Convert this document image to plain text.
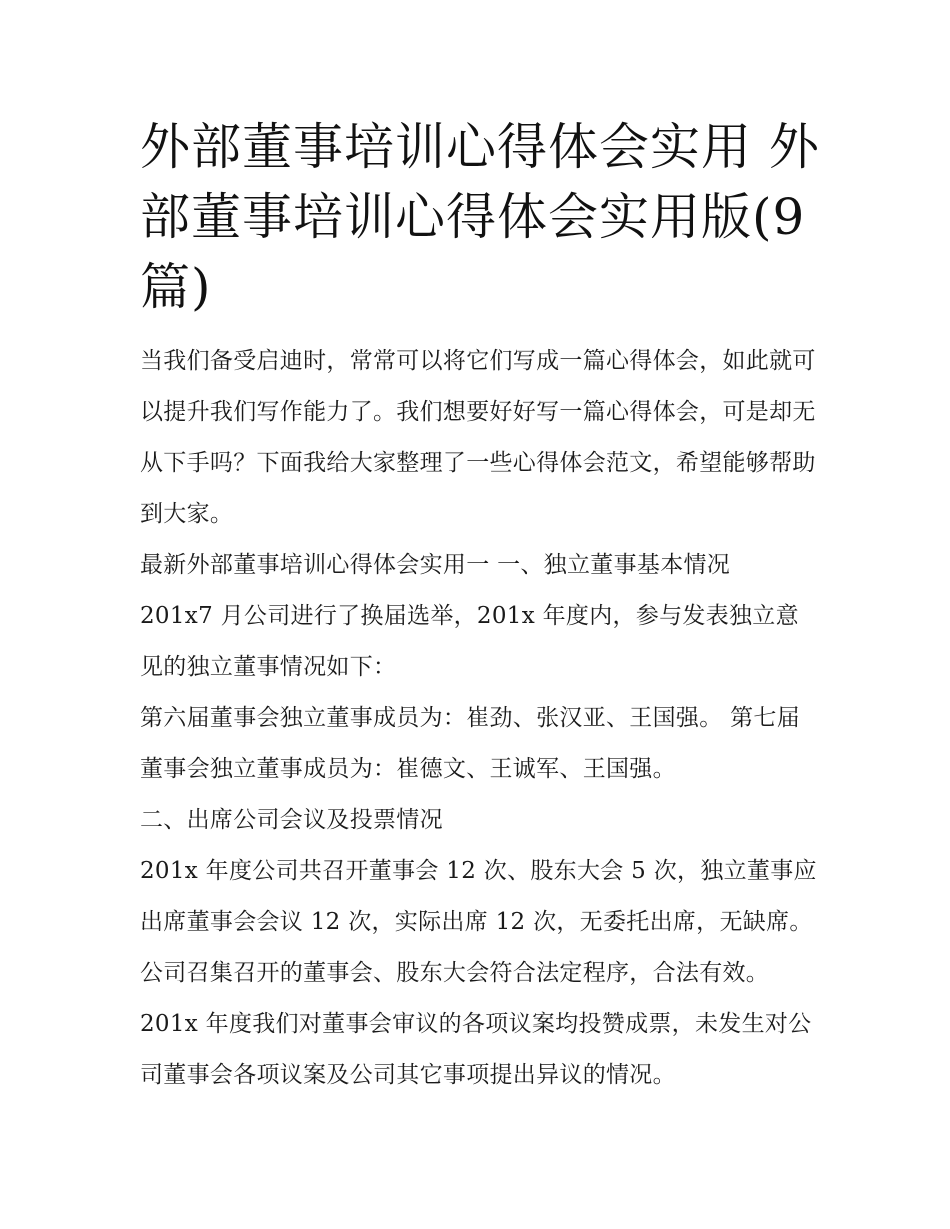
外部董事培训心得体会实用 外部董事培训心得体会实用版(9篇)

当我们备受启迪时，常常可以将它们写成一篇心得体会，如此就可以提升我们写作能力了。我们想要好好写一篇心得体会，可是却无从下手吗？下面我给大家整理了一些心得体会范文，希望能够帮助到大家。

最新外部董事培训心得体会实用一 一、独立董事基本情况

201x7 月公司进行了换届选举，201x 年度内，参与发表独立意见的独立董事情况如下：

第六届董事会独立董事成员为：崔劲、张汉亚、王国强。 第七届董事会独立董事成员为：崔德文、王诚军、王国强。

二、出席公司会议及投票情况

201x 年度公司共召开董事会 12 次、股东大会 5 次，独立董事应出席董事会会议 12 次，实际出席 12 次，无委托出席，无缺席。公司召集召开的董事会、股东大会符合法定程序，合法有效。201x 年度我们对董事会审议的各项议案均投赞成票，未发生对公司董事会各项议案及公司其它事项提出异议的情况。
